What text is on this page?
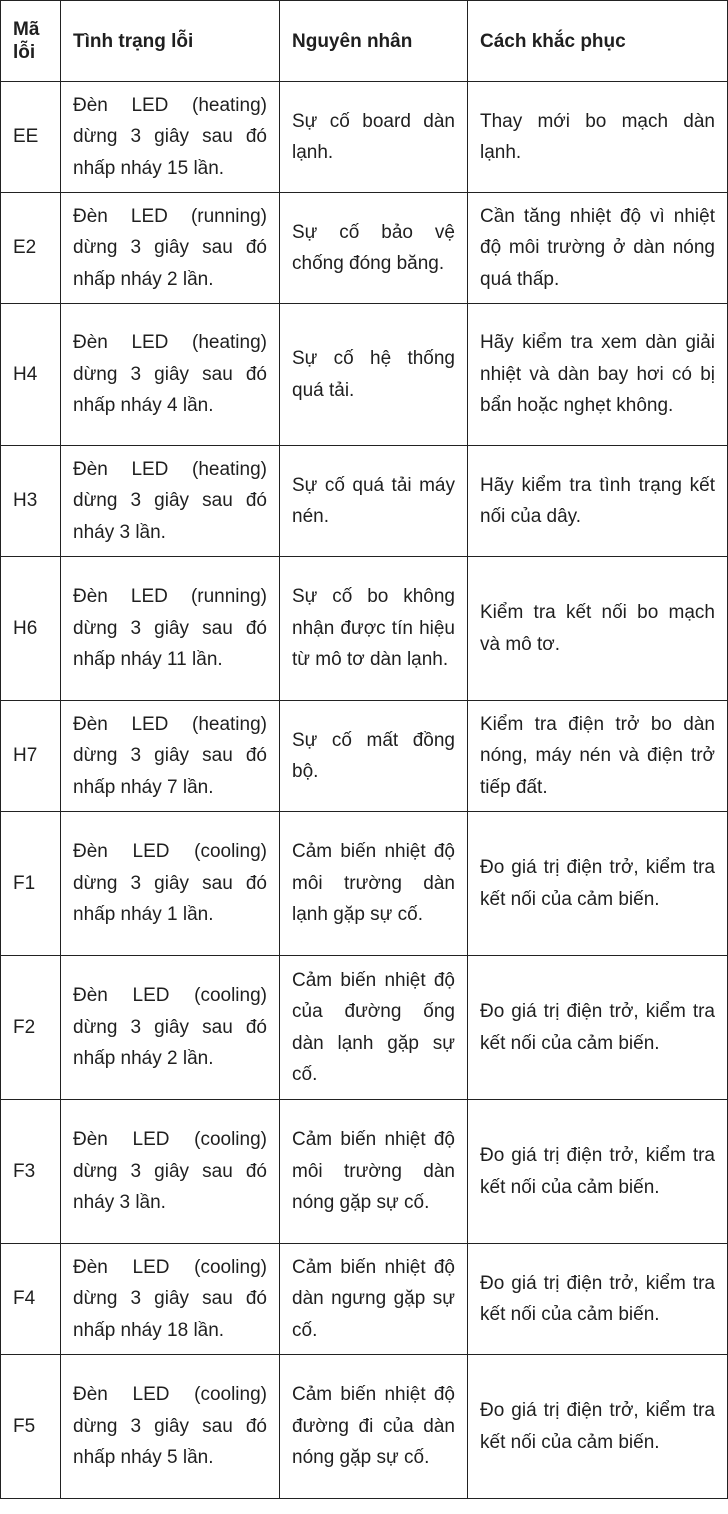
Mã lỗi	Tình trạng lỗi	Nguyên nhân	Cách khắc phục
EE	Đèn LED (heating) dừng 3 giây sau đó nhấp nháy 15 lần.	Sự cố board dàn lạnh.	Thay mới bo mạch dàn lạnh.
E2	Đèn LED (running) dừng 3 giây sau đó nhấp nháy 2 lần.	Sự cố bảo vệ chống đóng băng.	Cần tăng nhiệt độ vì nhiệt độ môi trường ở dàn nóng quá thấp.
H4	Đèn LED (heating) dừng 3 giây sau đó nhấp nháy 4 lần.	Sự cố hệ thống quá tải.	Hãy kiểm tra xem dàn giải nhiệt và dàn bay hơi có bị bẩn hoặc nghẹt không.
H3	Đèn LED (heating) dừng 3 giây sau đó nháy 3 lần.	Sự cố quá tải máy nén.	Hãy kiểm tra tình trạng kết nối của dây.
H6	Đèn LED (running) dừng 3 giây sau đó nhấp nháy 11 lần.	Sự cố bo không nhận được tín hiệu từ mô tơ dàn lạnh.	Kiểm tra kết nối bo mạch và mô tơ.
H7	Đèn LED (heating) dừng 3 giây sau đó nhấp nháy 7 lần.	Sự cố mất đồng bộ.	Kiểm tra điện trở bo dàn nóng, máy nén và điện trở tiếp đất.
F1	Đèn LED (cooling) dừng 3 giây sau đó nhấp nháy 1 lần.	Cảm biến nhiệt độ môi trường dàn lạnh gặp sự cố.	Đo giá trị điện trở, kiểm tra kết nối của cảm biến.
F2	Đèn LED (cooling) dừng 3 giây sau đó nhấp nháy 2 lần.	Cảm biến nhiệt độ của đường ống dàn lạnh gặp sự cố.	Đo giá trị điện trở, kiểm tra kết nối của cảm biến.
F3	Đèn LED (cooling) dừng 3 giây sau đó nháy 3 lần.	Cảm biến nhiệt độ môi trường dàn nóng gặp sự cố.	Đo giá trị điện trở, kiểm tra kết nối của cảm biến.
F4	Đèn LED (cooling) dừng 3 giây sau đó nhấp nháy 18 lần.	Cảm biến nhiệt độ dàn ngưng gặp sự cố.	Đo giá trị điện trở, kiểm tra kết nối của cảm biến.
F5	Đèn LED (cooling) dừng 3 giây sau đó nhấp nháy 5 lần.	Cảm biến nhiệt độ đường đi của dàn nóng gặp sự cố.	Đo giá trị điện trở, kiểm tra kết nối của cảm biến.
